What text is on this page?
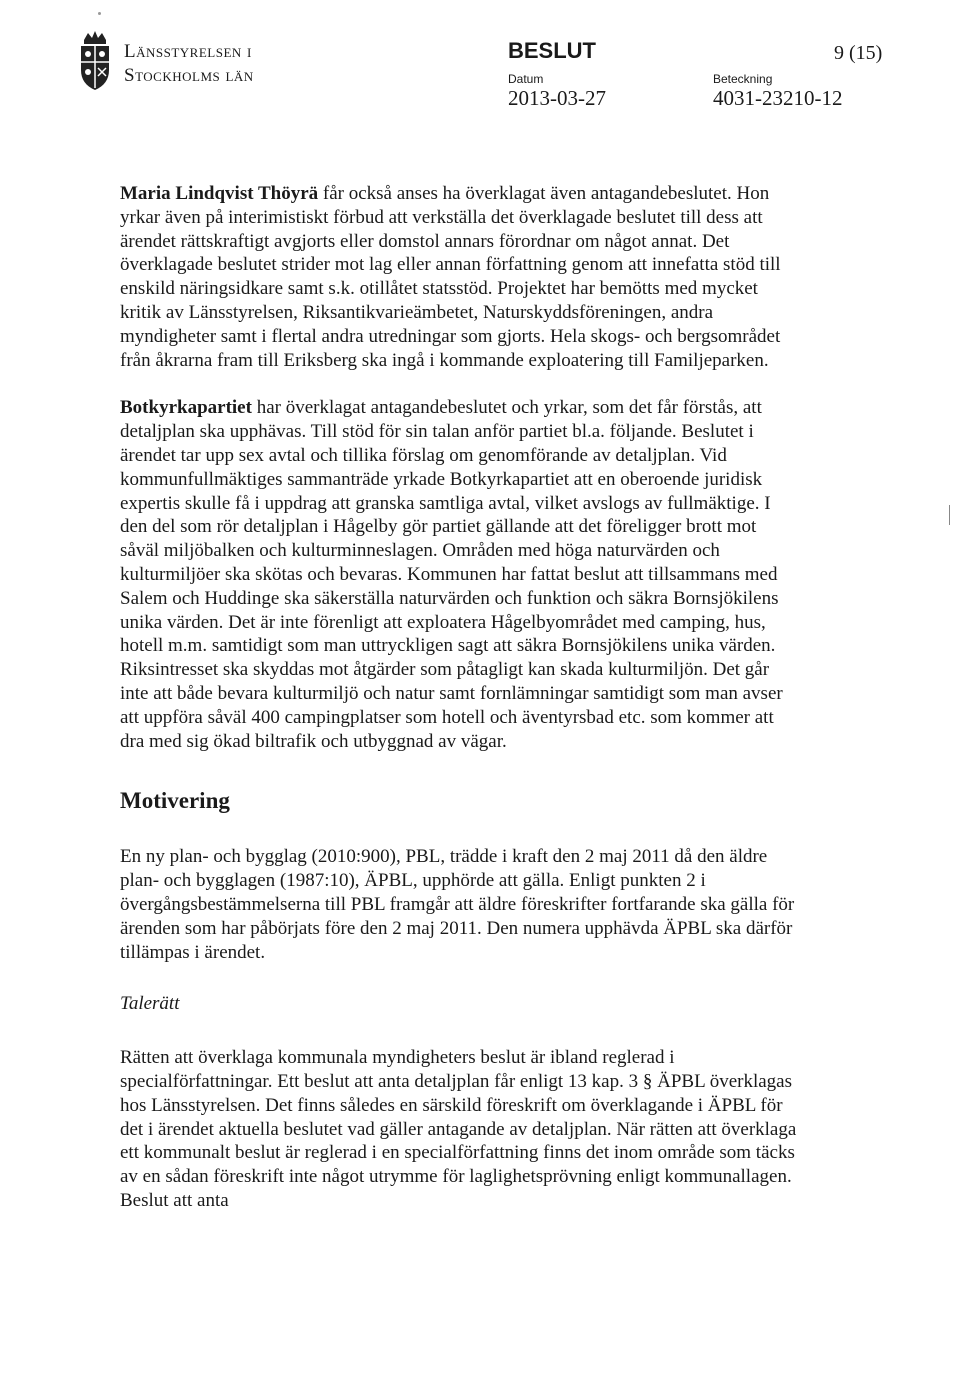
Länsstyrelsen i
Stockholms län
BESLUT	9 (15)
Datum
2013-03-27
Beteckning
4031-23210-12

Maria Lindqvist Thöyrä får också anses ha överklagat även antagandebeslutet. Hon yrkar även på interimistiskt förbud att verkställa det överklagade beslutet till dess att ärendet rättskraftigt avgjorts eller domstol annars förordnar om något annat. Det överklagade beslutet strider mot lag eller annan författning genom att innefatta stöd till enskild näringsidkare samt s.k. otillåtet statsstöd. Projektet har bemötts med mycket kritik av Länsstyrelsen, Riksantikvarieämbetet, Naturskyddsföreningen, andra myndigheter samt i flertal andra utredningar som gjorts. Hela skogs- och bergsområdet från åkrarna fram till Eriksberg ska ingå i kommande exploatering till Familjeparken.

Botkyrkapartiet har överklagat antagandebeslutet och yrkar, som det får förstås, att detaljplan ska upphävas. Till stöd för sin talan anför partiet bl.a. följande. Beslutet i ärendet tar upp sex avtal och tillika förslag om genomförande av detaljplan. Vid kommunfullmäktiges sammanträde yrkade Botkyrkapartiet att en oberoende juridisk expertis skulle få i uppdrag att granska samtliga avtal, vilket avslogs av fullmäktige. I den del som rör detaljplan i Hågelby gör partiet gällande att det föreligger brott mot såväl miljöbalken och kulturminneslagen. Områden med höga naturvärden och kulturmiljöer ska skötas och bevaras. Kommunen har fattat beslut att tillsammans med Salem och Huddinge ska säkerställa naturvärden och funktion och säkra Bornsjökilens unika värden. Det är inte förenligt att exploatera Hågelbyområdet med camping, hus, hotell m.m. samtidigt som man uttryckligen sagt att säkra Bornsjökilens unika värden. Riksintresset ska skyddas mot åtgärder som påtagligt kan skada kulturmiljön. Det går inte att både bevara kulturmiljö och natur samt fornlämningar samtidigt som man avser att uppföra såväl 400 campingplatser som hotell och äventyrsbad etc. som kommer att dra med sig ökad biltrafik och utbyggnad av vägar.

Motivering

En ny plan- och bygglag (2010:900), PBL, trädde i kraft den 2 maj 2011 då den äldre plan- och bygglagen (1987:10), ÄPBL, upphörde att gälla. Enligt punkten 2 i övergångsbestämmelserna till PBL framgår att äldre föreskrifter fortfarande ska gälla för ärenden som har påbörjats före den 2 maj 2011. Den numera upphävda ÄPBL ska därför tillämpas i ärendet.

Talerätt

Rätten att överklaga kommunala myndigheters beslut är ibland reglerad i specialförfattningar. Ett beslut att anta detaljplan får enligt 13 kap. 3 § ÄPBL överklagas hos Länsstyrelsen. Det finns således en särskild föreskrift om överklagande i ÄPBL för det i ärendet aktuella beslutet vad gäller antagande av detaljplan. När rätten att överklaga ett kommunalt beslut är reglerad i en specialförfattning finns det inom område som täcks av en sådan föreskrift inte något utrymme för laglighetsprövning enligt kommunallagen. Beslut att anta
